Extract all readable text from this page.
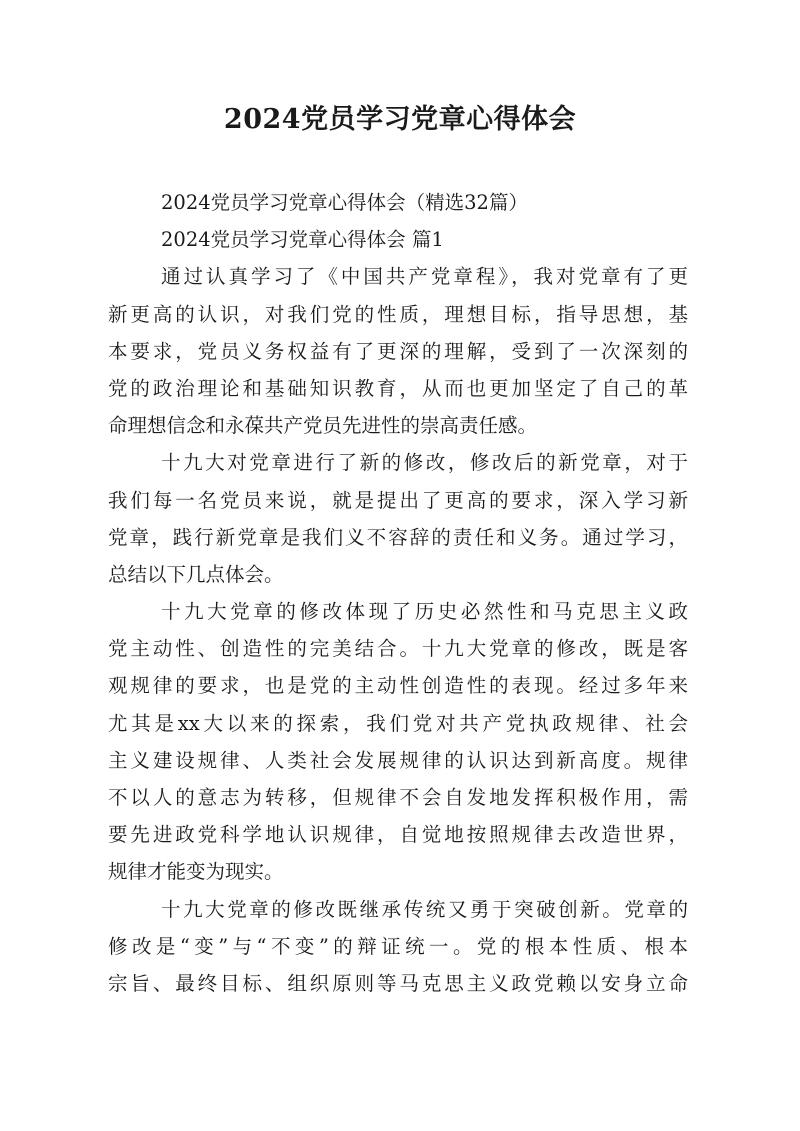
2024党员学习党章心得体会
2024党员学习党章心得体会（精选32篇）
2024党员学习党章心得体会 篇1
通过认真学习了《中国共产党章程》，我对党章有了更
新更高的认识，对我们党的性质，理想目标，指导思想，基
本要求，党员义务权益有了更深的理解，受到了一次深刻的
党的政治理论和基础知识教育，从而也更加坚定了自己的革
命理想信念和永葆共产党员先进性的崇高责任感。
十九大对党章进行了新的修改，修改后的新党章，对于
我们每一名党员来说，就是提出了更高的要求，深入学习新
党章，践行新党章是我们义不容辞的责任和义务。通过学习，
总结以下几点体会。
十九大党章的修改体现了历史必然性和马克思主义政
党主动性、创造性的完美结合。十九大党章的修改，既是客
观规律的要求，也是党的主动性创造性的表现。经过多年来
尤其是xx大以来的探索，我们党对共产党执政规律、社会
主义建设规律、人类社会发展规律的认识达到新高度。规律
不以人的意志为转移，但规律不会自发地发挥积极作用，需
要先进政党科学地认识规律，自觉地按照规律去改造世界，
规律才能变为现实。
十九大党章的修改既继承传统又勇于突破创新。党章的
修改是“变”与“不变”的辩证统一。党的根本性质、根本
宗旨、最终目标、组织原则等马克思主义政党赖以安身立命
